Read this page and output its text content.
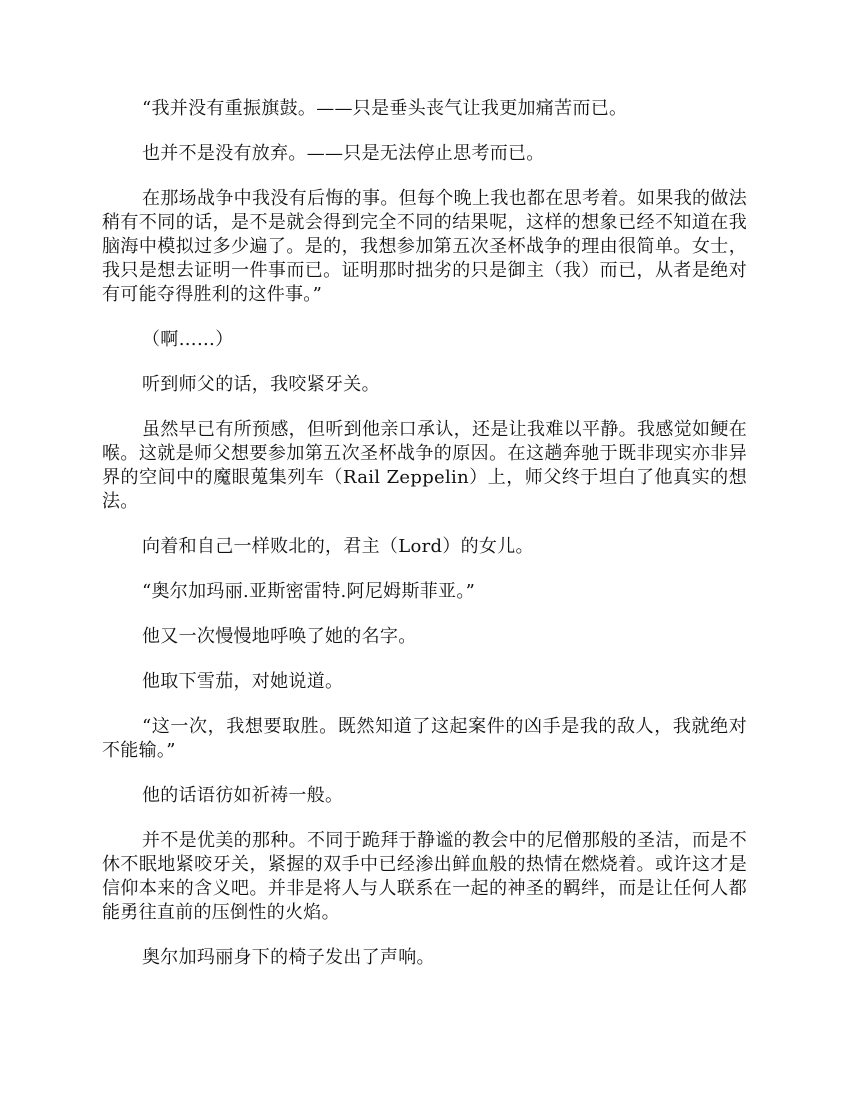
“我并没有重振旗鼓。——只是垂头丧气让我更加痛苦而已。

也并不是没有放弃。——只是无法停止思考而已。

在那场战争中我没有后悔的事。但每个晚上我也都在思考着。如果我的做法稍有不同的话，是不是就会得到完全不同的结果呢，这样的想象已经不知道在我脑海中模拟过多少遍了。是的，我想参加第五次圣杯战争的理由很简单。女士，我只是想去证明一件事而已。证明那时拙劣的只是御主（我）而已，从者是绝对有可能夺得胜利的这件事。”

（啊……）

听到师父的话，我咬紧牙关。

虽然早已有所预感，但听到他亲口承认，还是让我难以平静。我感觉如鲠在喉。这就是师父想要参加第五次圣杯战争的原因。在这趟奔驰于既非现实亦非异界的空间中的魔眼蒐集列车（Rail Zeppelin）上，师父终于坦白了他真实的想法。

向着和自己一样败北的，君主（Lord）的女儿。

“奥尔加玛丽.亚斯密雷特.阿尼姆斯菲亚。”

他又一次慢慢地呼唤了她的名字。

他取下雪茄，对她说道。

“这一次，我想要取胜。既然知道了这起案件的凶手是我的敌人，我就绝对不能输。”

他的话语彷如祈祷一般。

并不是优美的那种。不同于跪拜于静谧的教会中的尼僧那般的圣洁，而是不休不眠地紧咬牙关，紧握的双手中已经渗出鲜血般的热情在燃烧着。或许这才是信仰本来的含义吧。并非是将人与人联系在一起的神圣的羁绊，而是让任何人都能勇往直前的压倒性的火焰。

奥尔加玛丽身下的椅子发出了声响。
